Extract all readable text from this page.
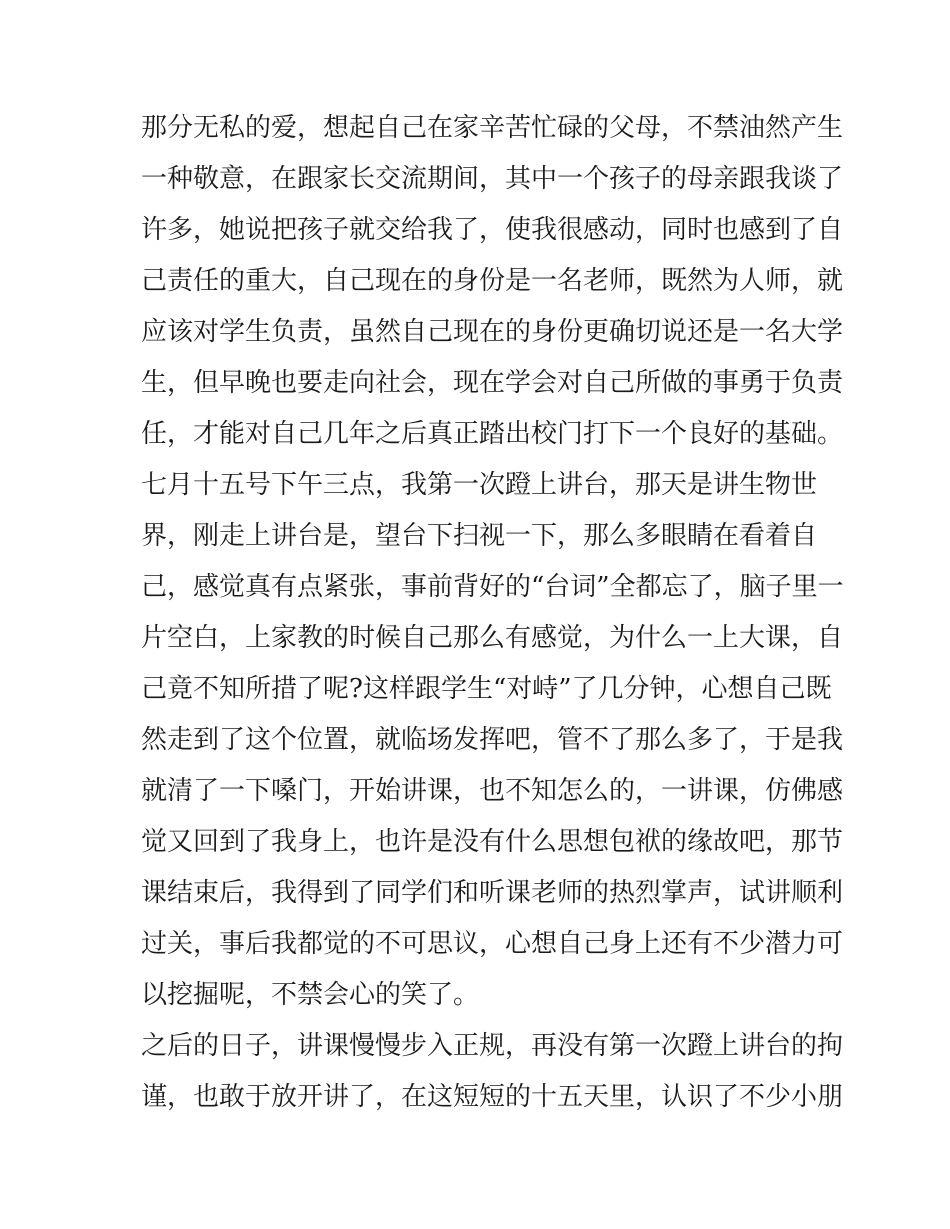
那分无私的爱，想起自己在家辛苦忙碌的父母，不禁油然产生
一种敬意，在跟家长交流期间，其中一个孩子的母亲跟我谈了
许多，她说把孩子就交给我了，使我很感动，同时也感到了自
己责任的重大，自己现在的身份是一名老师，既然为人师，就
应该对学生负责，虽然自己现在的身份更确切说还是一名大学
生，但早晚也要走向社会，现在学会对自己所做的事勇于负责
任，才能对自己几年之后真正踏出校门打下一个良好的基础。
七月十五号下午三点，我第一次蹬上讲台，那天是讲生物世
界，刚走上讲台是，望台下扫视一下，那么多眼睛在看着自
己，感觉真有点紧张，事前背好的“台词”全都忘了，脑子里一
片空白，上家教的时候自己那么有感觉，为什么一上大课，自
己竟不知所措了呢?这样跟学生“对峙”了几分钟，心想自己既
然走到了这个位置，就临场发挥吧，管不了那么多了，于是我
就清了一下嗓门，开始讲课，也不知怎么的，一讲课，仿佛感
觉又回到了我身上，也许是没有什么思想包袱的缘故吧，那节
课结束后，我得到了同学们和听课老师的热烈掌声，试讲顺利
过关，事后我都觉的不可思议，心想自己身上还有不少潜力可
以挖掘呢，不禁会心的笑了。
之后的日子，讲课慢慢步入正规，再没有第一次蹬上讲台的拘
谨，也敢于放开讲了，在这短短的十五天里，认识了不少小朋
